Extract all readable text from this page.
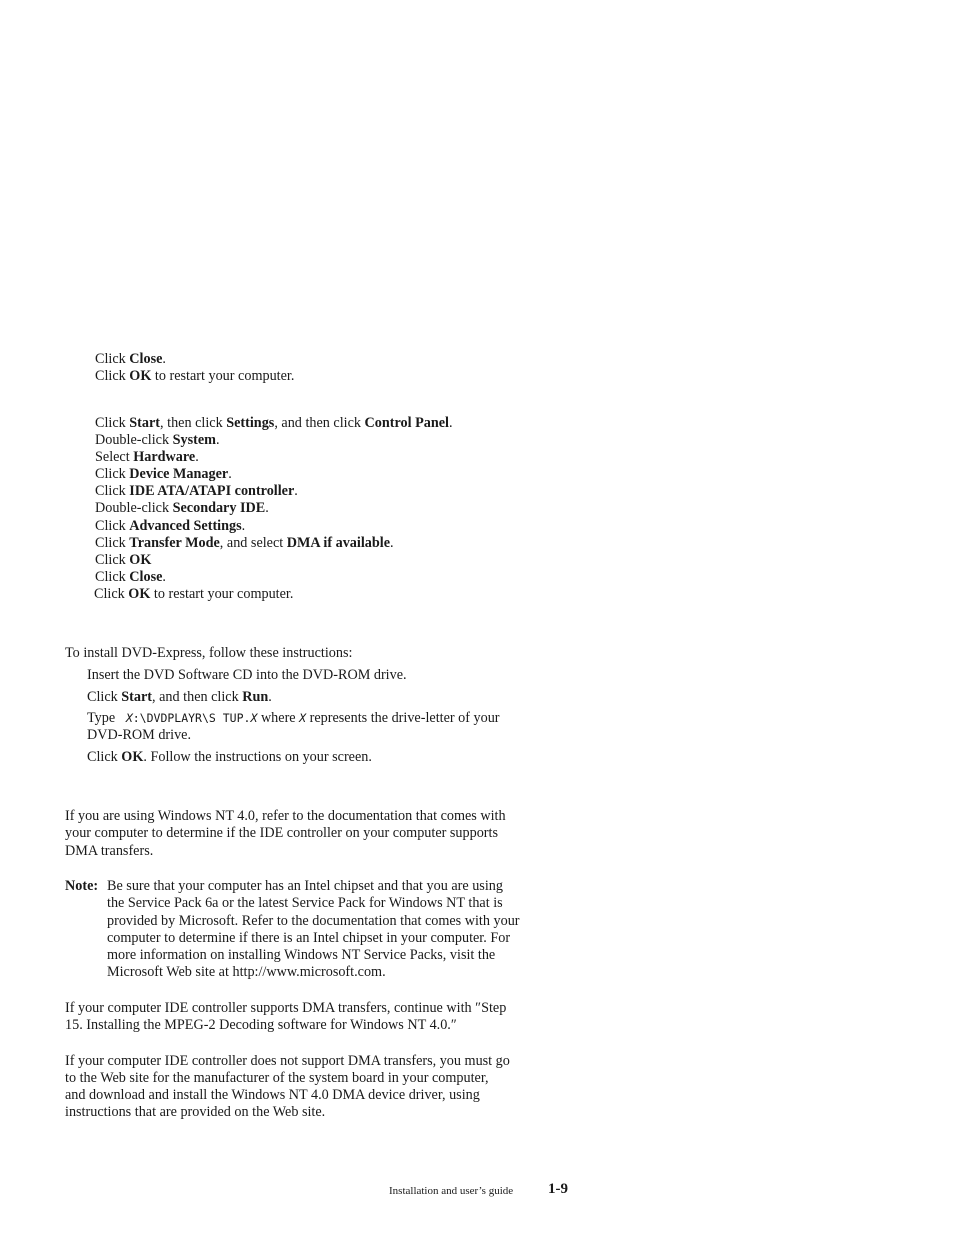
Click Close.
Click OK to restart your computer.
Click Start, then click Settings, and then click Control Panel.
Double-click System.
Select Hardware.
Click Device Manager.
Click IDE ATA/ATAPI controller.
Double-click Secondary IDE.
Click Advanced Settings.
Click Transfer Mode, and select DMA if available.
Click OK
Click Close.
Click OK to restart your computer.
To install DVD-Express, follow these instructions:
Insert the DVD Software CD into the DVD-ROM drive.
Click Start, and then click Run.
Type   X:\DVDPLAYR\S TUP.X where X represents the drive-letter of your
DVD-ROM drive.
Click OK. Follow the instructions on your screen.
If you are using Windows NT 4.0, refer to the documentation that comes with
your computer to determine if the IDE controller on your computer supports
DMA transfers.
Note: Be sure that your computer has an Intel chipset and that you are using
the Service Pack 6a or the latest Service Pack for Windows NT that is
provided by Microsoft. Refer to the documentation that comes with your
computer to determine if there is an Intel chipset in your computer. For
more information on installing Windows NT Service Packs, visit the
Microsoft Web site at http://www.microsoft.com.
If your computer IDE controller supports DMA transfers, continue with ″Step
15. Installing the MPEG-2 Decoding software for Windows NT 4.0.″
If your computer IDE controller does not support DMA transfers, you must go
to the Web site for the manufacturer of the system board in your computer,
and download and install the Windows NT 4.0 DMA device driver, using
instructions that are provided on the Web site.
Installation and user’s guide 1-9
